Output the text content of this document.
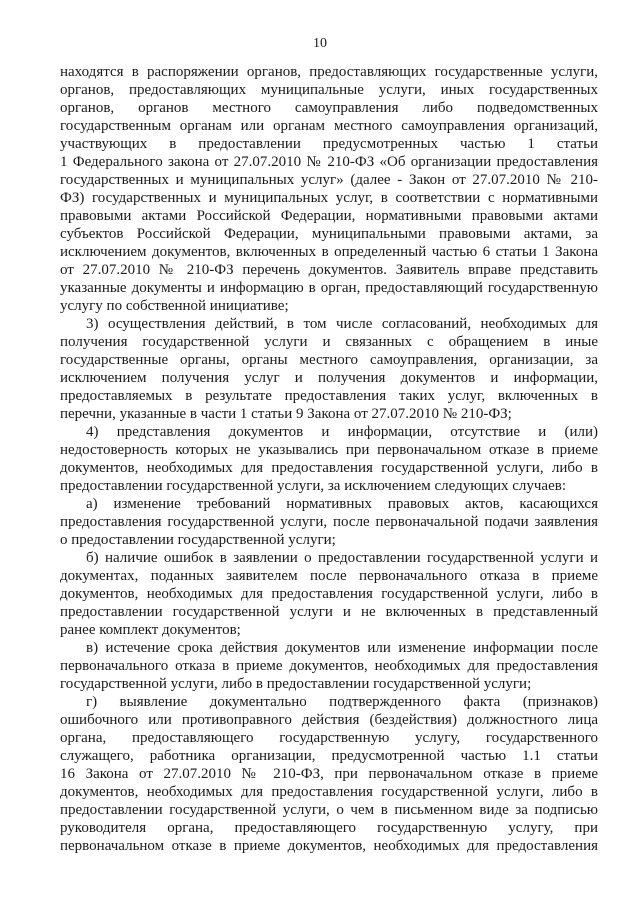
10
находятся в распоряжении органов, предоставляющих государственные услуги,
органов, предоставляющих муниципальные услуги, иных государственных
органов, органов местного самоуправления либо подведомственных
государственным органам или органам местного самоуправления организаций,
участвующих в предоставлении предусмотренных частью 1 статьи
1 Федерального закона от 27.07.2010 № 210-ФЗ «Об организации предоставления
государственных и муниципальных услуг» (далее - Закон от 27.07.2010 № 210-
ФЗ) государственных и муниципальных услуг, в соответствии с нормативными
правовыми актами Российской Федерации, нормативными правовыми актами
субъектов Российской Федерации, муниципальными правовыми актами, за
исключением документов, включенных в определенный частью 6 статьи 1 Закона
от 27.07.2010 № 210-ФЗ перечень документов. Заявитель вправе представить
указанные документы и информацию в орган, предоставляющий государственную
услугу по собственной инициативе;
3) осуществления действий, в том числе согласований, необходимых для
получения государственной услуги и связанных с обращением в иные
государственные органы, органы местного самоуправления, организации, за
исключением получения услуг и получения документов и информации,
предоставляемых в результате предоставления таких услуг, включенных в
перечни, указанные в части 1 статьи 9 Закона от 27.07.2010 № 210-ФЗ;
4) представления документов и информации, отсутствие и (или)
недостоверность которых не указывались при первоначальном отказе в приеме
документов, необходимых для предоставления государственной услуги, либо в
предоставлении государственной услуги, за исключением следующих случаев:
а) изменение требований нормативных правовых актов, касающихся
предоставления государственной услуги, после первоначальной подачи заявления
о предоставлении государственной услуги;
б) наличие ошибок в заявлении о предоставлении государственной услуги и
документах, поданных заявителем после первоначального отказа в приеме
документов, необходимых для предоставления государственной услуги, либо в
предоставлении государственной услуги и не включенных в представленный
ранее комплект документов;
в) истечение срока действия документов или изменение информации после
первоначального отказа в приеме документов, необходимых для предоставления
государственной услуги, либо в предоставлении государственной услуги;
г) выявление документально подтвержденного факта (признаков)
ошибочного или противоправного действия (бездействия) должностного лица
органа, предоставляющего государственную услугу, государственного
служащего, работника организации, предусмотренной частью 1.1 статьи
16 Закона от 27.07.2010 № 210-ФЗ, при первоначальном отказе в приеме
документов, необходимых для предоставления государственной услуги, либо в
предоставлении государственной услуги, о чем в письменном виде за подписью
руководителя органа, предоставляющего государственную услугу, при
первоначальном отказе в приеме документов, необходимых для предоставления
